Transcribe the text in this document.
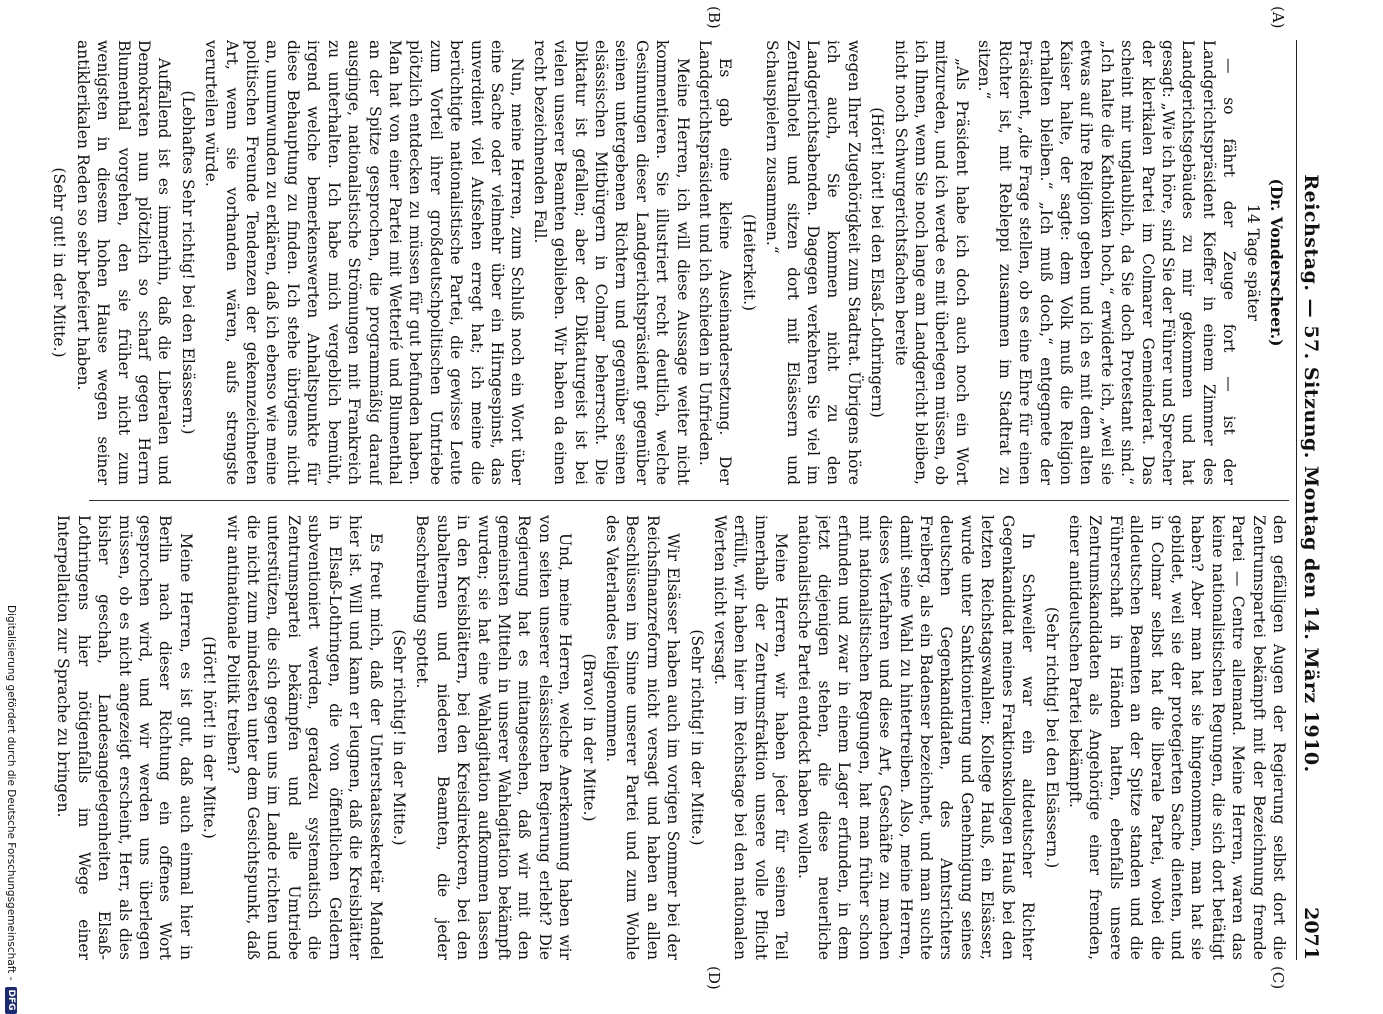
Reichstag. — 57. Sitzung. Montag den 14. März 1910.
2071
(A)
(B)
(C)
(D)
(Dr. Vonderscheer.)
14 Tage später

— so fährt der Zeuge fort — ist der Landgerichtspräsident Kieffer in einem Zimmer des Landgerichtsgebäudes zu mir gekommen und hat gesagt: „Wie ich höre, sind Sie der Führer und Sprecher der klerikalen Partei im Colmarer Gemeinderat. Das scheint mir unglaublich, da Sie doch Protestant sind.“ „Ich halte die Katholiken hoch,“ erwiderte ich, „weil sie etwas auf ihre Religion geben und ich es mit dem alten Kaiser halte, der sagte: dem Volk muß die Religion erhalten bleiben.“ „Ich muß doch,“ entgegnete der Präsident, „die Frage stellen, ob es eine Ehre für einen Richter ist, mit Rebleppi zusammen im Stadtrat zu sitzen.“

„Als Präsident habe ich doch auch noch ein Wort mitzureden, und ich werde es mit überlegen müssen, ob ich Ihnen, wenn Sie noch lange am Landgericht bleiben, nicht noch Schwurgerichtsfachen bereite

(Hört! hört! bei den Elsaß-Lothringern)

wegen Ihrer Zugehörigkeit zum Stadtrat. Übrigens höre ich auch, Sie kommen nicht zu den Landgerichtsabenden. Dagegen verkehren Sie viel im Zentralhotel und sitzen dort mit Elsässern und Schauspielern zusammen.“

(Heiterkeit.)

Es gab eine kleine Auseinandersetzung. Der Landgerichtspräsident und ich schieden in Unfrieden.

Meine Herren, ich will diese Aussage weiter nicht kommentieren. Sie illustriert recht deutlich, welche Gesinnungen dieser Landgerichtspräsident gegenüber seinen untergebenen Richtern und gegenüber seinen elsässischen Mitbürgern in Colmar beherrscht. Die Diktatur ist gefallen; aber der Diktaturgeist ist bei vielen unserer Beamten geblieben. Wir haben da einen recht bezeichnenden Fall.

Nun, meine Herren, zum Schluß noch ein Wort über eine Sache oder vielmehr über ein Hirngespinst, das unverdient viel Aufsehen erregt hat; ich meine die berüchtigte nationalistische Partei, die gewisse Leute zum Vorteil ihrer großdeutschpolitischen Umtriebe plötzlich entdecken zu müssen für gut befunden haben. Man hat von einer Partei mit Wetterlé und Blumenthal an der Spitze gesprochen, die programmäßig darauf ausginge, nationalistische Strömungen mit Frankreich zu unterhalten. Ich habe mich vergeblich bemüht, irgend welche bemerkenswerten Anhaltspunkte für diese Behauptung zu finden. Ich stehe übrigens nicht an, unumwunden zu erklären, daß ich ebenso wie meine politischen Freunde Tendenzen der gekennzeichneten Art, wenn sie vorhanden wären, aufs strengste verurteilen würde.

(Lebhaftes Sehr richtig! bei den Elsässern.)

Auffallend ist es immerhin, daß die Liberalen und Demokraten nun plötzlich so scharf gegen Herrn Blumenthal vorgehen, den sie früher nicht zum wenigsten in diesem hohen Hause wegen seiner antiklerikalen Reden so sehr befeiert haben.

(Sehr gut! in der Mitte.)

den gefälligen Augen der Regierung selbst dort die Zentrumspartei bekämpft mit der Bezeichnung fremde Partei — Centre allemand. Meine Herren, waren das keine nationalistischen Regungen, die sich dort betätigt haben? Aber man hat sie hingenommen, man hat sie gebildet, weil sie der protegierten Sache dienten, und in Colmar selbst hat die liberale Partei, wobei die alldeutschen Beamten an der Spitze standen und die Führerschaft in Händen hatten, ebenfalls unsere Zentrumskandidaten als Angehörige einer fremden, einer antideutschen Partei bekämpft.

(Sehr richtig! bei den Elsässern.)

In Schweiler war ein altdeutscher Richter Gegenkandidat meines Fraktionskollegen Hauß bei den letzten Reichstagswahlen; Kollege Hauß, ein Elsässer, wurde unter Sanktionierung und Genehmigung seines deutschen Gegenkandidaten, des Amtsrichters Freiberg, als ein Badenser bezeichnet, und man suchte damit seine Wahl zu hintertreiben. Also, meine Herren, dieses Verfahren und diese Art, Geschäfte zu machen mit nationalistischen Regungen, hat man früher schon erfunden und zwar in einem Lager erfunden, in dem jetzt diejenigen stehen, die diese neuerliche nationalistische Partei entdeckt haben wollen.

Meine Herren, wir haben jeder für seinen Teil innerhalb der Zentrumsfraktion unsere volle Pflicht erfüllt, wir haben hier im Reichstage bei den nationalen Werten nicht versagt.

(Sehr richtig! in der Mitte.)

Wir Elsässer haben auch im vorigen Sommer bei der Reichsfinanzreform nicht versagt und haben an allen Beschlüssen im Sinne unserer Partei und zum Wohle des Vaterlandes teilgenommen.

(Bravo! in der Mitte.)

Und, meine Herren, welche Anerkennung haben wir von seiten unserer elsässischen Regierung erlebt? Die Regierung hat es mitangesehen, daß wir mit den gemeinsten Mitteln in unserer Wahlagitation bekämpft wurden; sie hat eine Wahlagitation aufkommen lassen in den Kreisblättern, bei den Kreisdirektoren, bei den subalternen und niederen Beamten, die jeder Beschreibung spottet.

(Sehr richtig! in der Mitte.)

Es freut mich, daß der Unterstaatssekretär Mandel hier ist. Will und kann er leugnen, daß die Kreisblätter in Elsaß-Lothringen, die von öffentlichen Geldern subventioniert werden, geradezu systematisch die Zentrumspartei bekämpfen und alle Umtriebe unterstützen, die sich gegen uns im Lande richten und die nicht zum mindesten unter dem Gesichtspunkt, daß wir antinationale Politik treiben?

(Hört! hört! in der Mitte.)

Meine Herren, es ist gut, daß auch einmal hier in Berlin nach dieser Richtung ein offenes Wort gesprochen wird, und wir werden uns überlegen müssen, ob es nicht angezeigt erscheint, Herr, als dies bisher geschah, Landesangelegenheiten Elsaß-Lothringens hier nötigenfalls im Wege einer Interpellation zur Sprache zu bringen.

Digitalisierung gefördert durch die Deutsche Forschungsgemeinschaft -
DFG
